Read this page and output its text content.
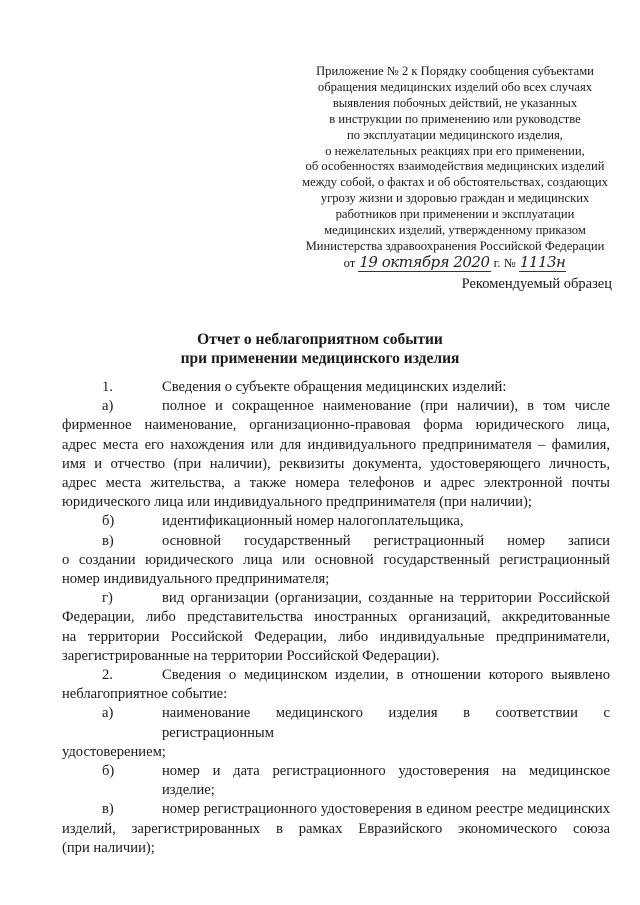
Приложение № 2 к Порядку сообщения субъектами
обращения медицинских изделий обо всех случаях
выявления побочных действий, не указанных
в инструкции по применению или руководстве
по эксплуатации медицинского изделия,
о нежелательных реакциях при его применении,
об особенностях взаимодействия медицинских изделий
между собой, о фактах и об обстоятельствах, создающих
угрозу жизни и здоровью граждан и медицинских
работников при применении и эксплуатации
медицинских изделий, утвержденному приказом
Министерства здравоохранения Российской Федерации
от 19 октября 2020 г. № 1113н
Рекомендуемый образец
Отчет о неблагоприятном событии
при применении медицинского изделия
1.	Сведения о субъекте обращения медицинских изделий:
а)	полное и сокращенное наименование (при наличии), в том числе
фирменное наименование, организационно-правовая форма юридического лица,
адрес места его нахождения или для индивидуального предпринимателя – фамилия,
имя и отчество (при наличии), реквизиты документа, удостоверяющего личность,
адрес места жительства, а также номера телефонов и адрес электронной почты
юридического лица или индивидуального предпринимателя (при наличии);
б)	идентификационный номер налогоплательщика,
в)	основной государственный регистрационный номер записи
о создании юридического лица или основной государственный регистрационный
номер индивидуального предпринимателя;
г)	вид организации (организации, созданные на территории Российской
Федерации, либо представительства иностранных организаций, аккредитованные
на территории Российской Федерации, либо индивидуальные предприниматели,
зарегистрированные на территории Российской Федерации).
2.	Сведения о медицинском изделии, в отношении которого выявлено
неблагоприятное событие:
а)	наименование медицинского изделия в соответствии с регистрационным
удостоверением;
б)	номер и дата регистрационного удостоверения на медицинское изделие;
в)	номер регистрационного удостоверения в едином реестре медицинских
изделий, зарегистрированных в рамках Евразийского экономического союза
(при наличии);
